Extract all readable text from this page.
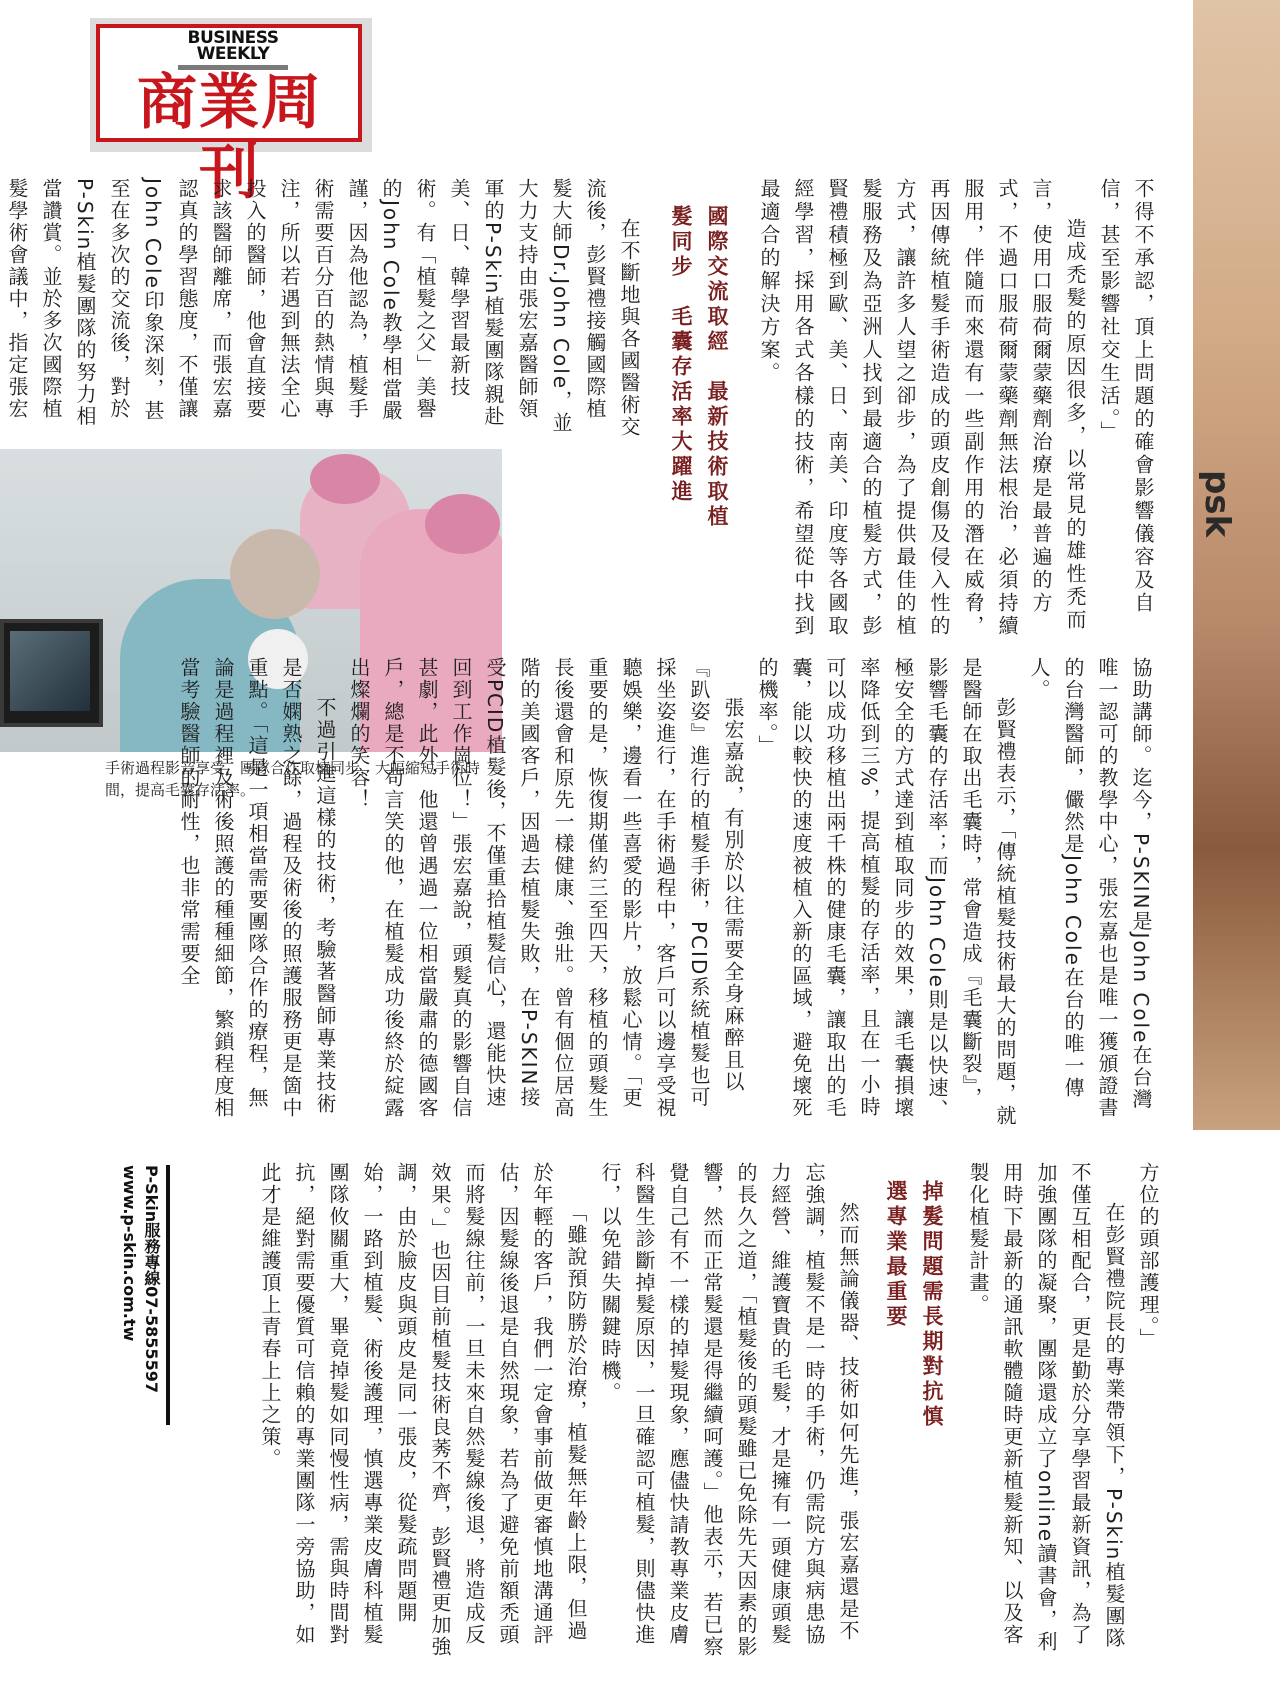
BUSINESS WEEKLY
商業周刊
psk

不得不承認，頂上問題的確會影響儀容及自信，甚至影響社交生活。」

造成禿髮的原因很多，以常見的雄性禿而言，使用口服荷爾蒙藥劑治療是最普遍的方式，不過口服荷爾蒙藥劑無法根治，必須持續服用，伴隨而來還有一些副作用的潛在威脅，再因傳統植髮手術造成的頭皮創傷及侵入性的方式，讓許多人望之卻步，為了提供最佳的植髮服務及為亞洲人找到最適合的植髮方式，彭賢禮積極到歐、美、日、南美、印度等各國取經學習，採用各式各樣的技術，希望從中找到最適合的解決方案。

國際交流取經　最新技術取植髮同步　毛囊存活率大躍進

在不斷地與各國醫術交流後，彭賢禮接觸國際植髮大師Dr.John Cole，並大力支持由張宏嘉醫師領軍的P-Skin植髮團隊親赴美、日、韓學習最新技術。有「植髮之父」美譽的John Cole教學相當嚴謹，因為他認為，植髮手術需要百分百的熱情與專注，所以若遇到無法全心投入的醫師，他會直接要求該醫師離席，而張宏嘉認真的學習態度，不僅讓John Cole印象深刻，甚至在多次的交流後，對於P-Skin植髮團隊的努力相當讚賞。並於多次國際植髮學術會議中，指定張宏

手術過程影音享受，團隊合作取植同步，大幅縮短手術時間，提高毛囊存活率。	協助講師。迄今，P-SKIN是John Cole在台灣唯一認可的教學中心，張宏嘉也是唯一獲頒證書的台灣醫師，儼然是John Cole在台的唯一傳人。

彭賢禮表示，「傳統植髮技術最大的問題，就是醫師在取出毛囊時，常會造成『毛囊斷裂』，影響毛囊的存活率；而John Cole則是以快速、極安全的方式達到植取同步的效果，讓毛囊損壞率降低到三%，提高植髮的存活率，且在一小時可以成功移植出兩千株的健康毛囊，讓取出的毛囊，能以較快的速度被植入新的區域，避免壞死的機率。」

張宏嘉說，有別於以往需要全身麻醉且以『趴姿』進行的植髮手術，PCID系統植髮也可採坐姿進行，在手術過程中，客戶可以邊享受視聽娛樂，邊看一些喜愛的影片，放鬆心情。「更重要的是，恢復期僅約三至四天，移植的頭髮生長後還會和原先一樣健康、強壯。曾有個位居高階的美國客戶，因過去植髮失敗，在P-SKIN接受PCID植髮後，不僅重拾植髮信心，還能快速回到工作崗位！」張宏嘉說，頭髮真的影響自信甚劇，此外，他還曾遇過一位相當嚴肅的德國客戶，總是不苟言笑的他，在植髮成功後終於綻露出燦爛的笑容！

不過引進這樣的技術，考驗著醫師專業技術是否嫻熟之餘，過程及術後的照護服務更是箇中重點。「這是一項相當需要團隊合作的療程，無論是過程裡及術後照護的種種細節，繁鎖程度相當考驗醫師的耐性，也非常需要全

方位的頭部護理。」

在彭賢禮院長的專業帶領下，P-Skin植髮團隊不僅互相配合，更是勤於分享學習最新資訊，為了加強團隊的凝聚，團隊還成立了online讀書會，利用時下最新的通訊軟體隨時更新植髮新知、以及客製化植髮計畫。

掉髮問題需長期對抗慎選專業最重要

然而無論儀器、技術如何先進，張宏嘉還是不忘強調，植髮不是一時的手術，仍需院方與病患協力經營、維護寶貴的毛髮，才是擁有一頭健康頭髮的長久之道，「植髮後的頭髮雖已免除先天因素的影響，然而正常髮還是得繼續呵護。」他表示，若已察覺自己有不一樣的掉髮現象，應儘快請教專業皮膚科醫生診斷掉髮原因，一旦確認可植髮，則儘快進行，以免錯失關鍵時機。

「雖說預防勝於治療，植髮無年齡上限，但過於年輕的客戶，我們一定會事前做更審慎地溝通評估，因髮線後退是自然現象，若為了避免前額禿頭而將髮線往前，一旦未來自然髮線後退，將造成反效果。」也因目前植髮技術良莠不齊，彭賢禮更加強調，由於臉皮與頭皮是同一張皮，從髮疏問題開始，一路到植髮、術後護理，慎選專業皮膚科植髮團隊攸關重大，畢竟掉髮如同慢性病，需與時間對抗，絕對需要優質可信賴的專業團隊一旁協助，如此才是維護頂上青春上上之策。

P-Skin服務專線07-5855597 www.p-skin.com.tw
